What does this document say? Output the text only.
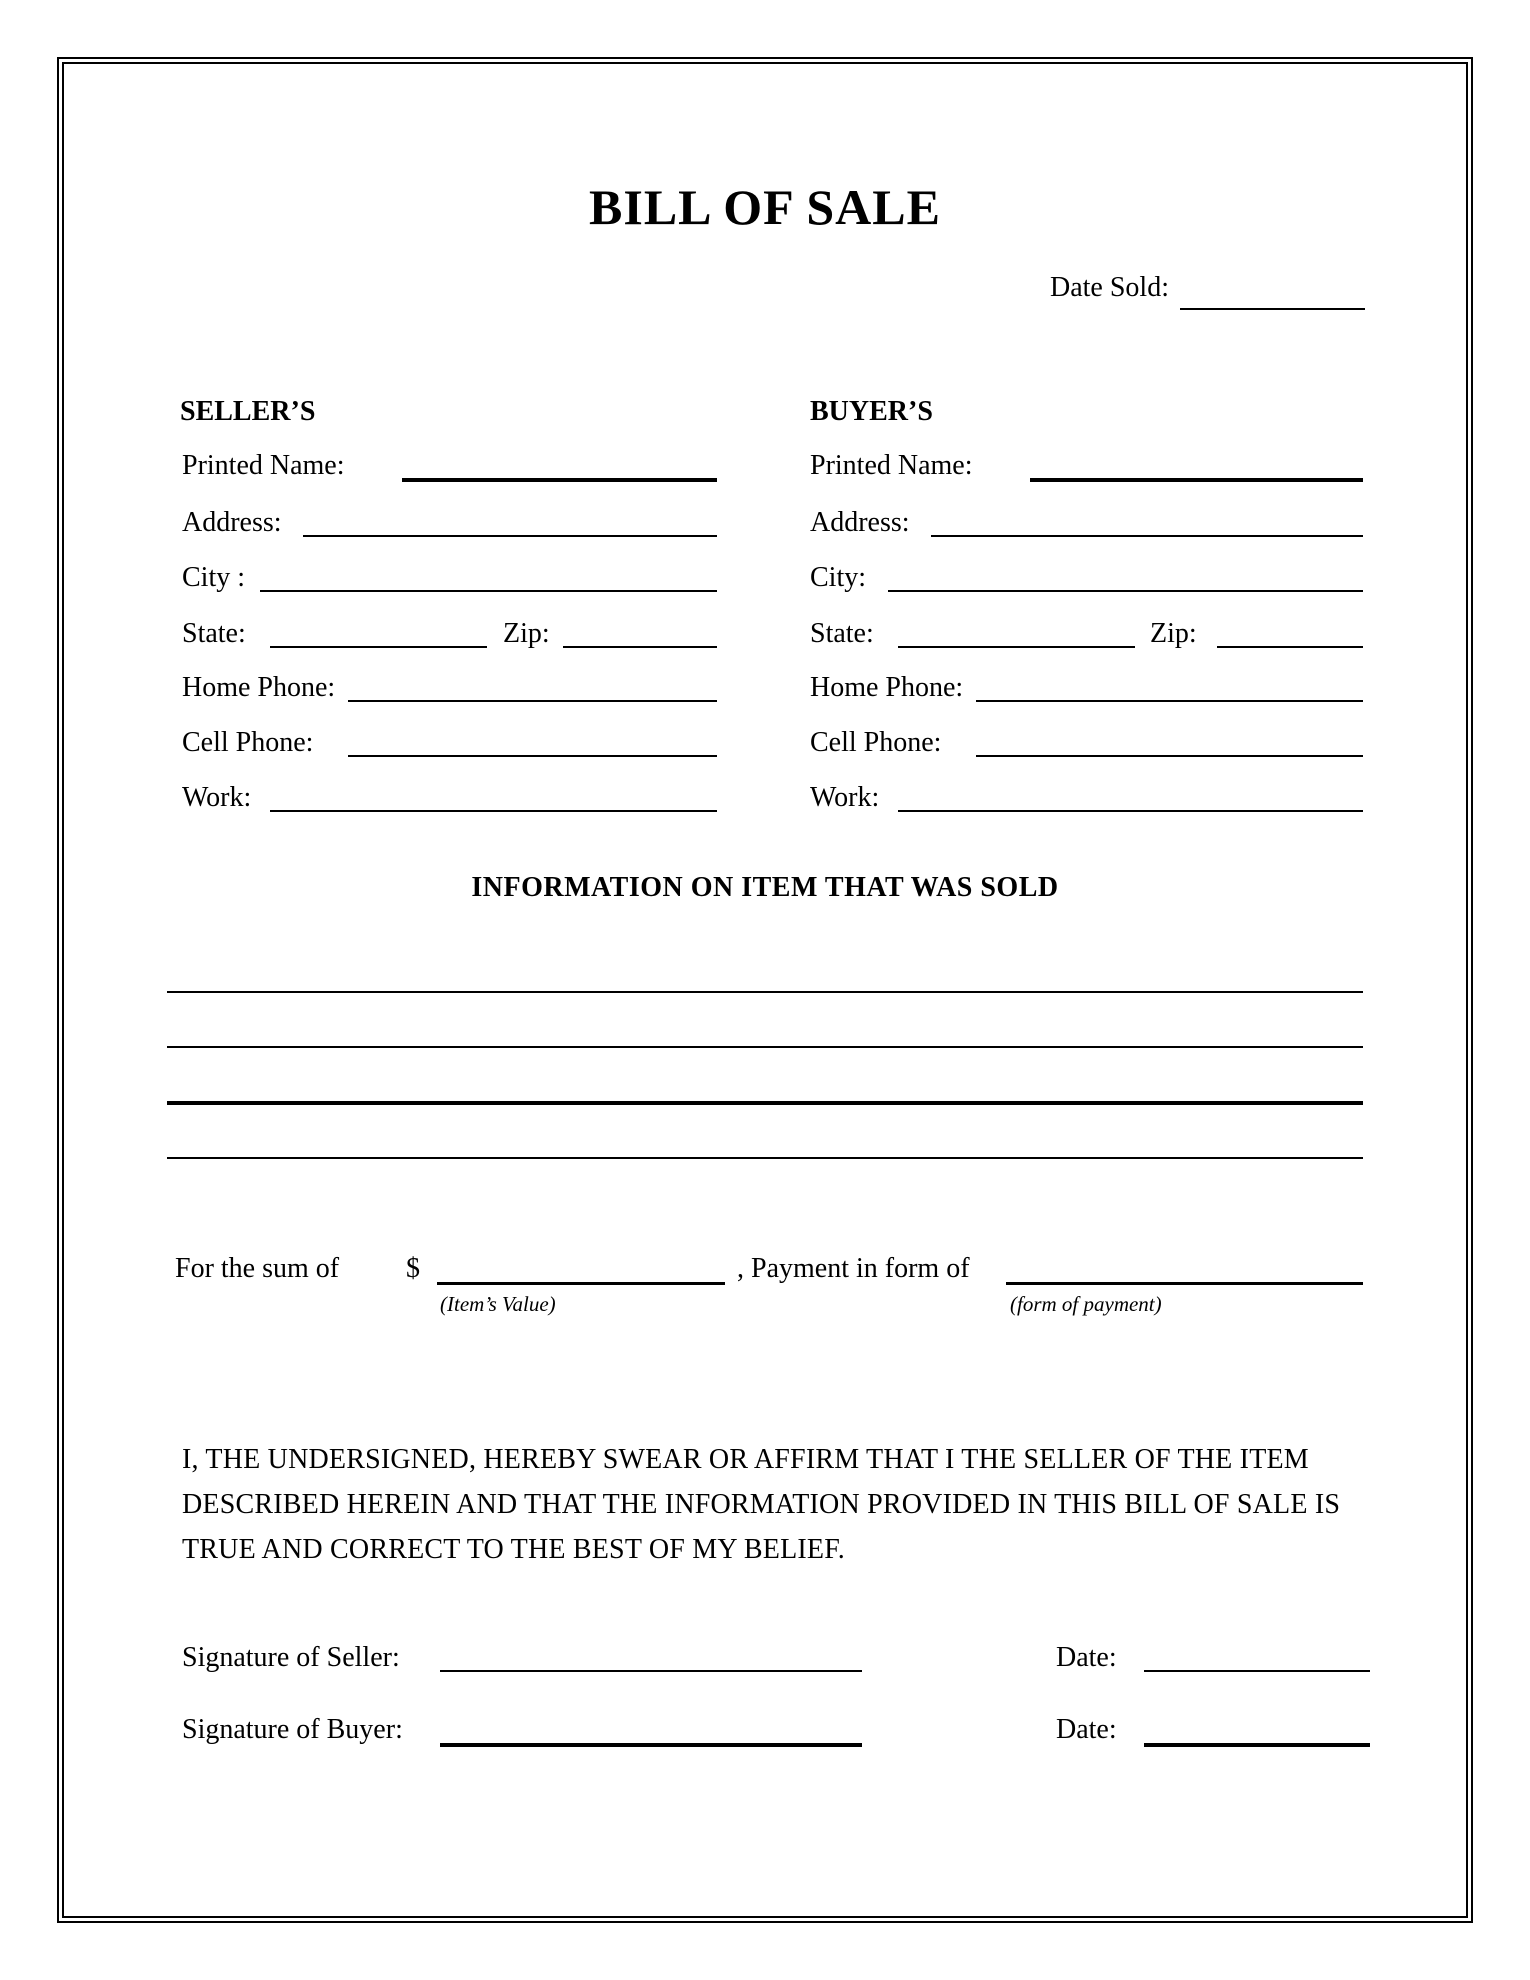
BILL OF SALE
Date Sold:
SELLER’S	BUYER’S
Printed Name:
Address:
City :
State:	Zip:
Home Phone:
Cell Phone:
Work:
Printed Name:
Address:
City:
State:	Zip:
Home Phone:
Cell Phone:
Work:
INFORMATION ON ITEM THAT WAS SOLD
For the sum of $
(Item’s Value)
, Payment in form of
(form of payment)
I, THE UNDERSIGNED, HEREBY SWEAR OR AFFIRM THAT I THE SELLER OF THE ITEM DESCRIBED HEREIN AND THAT THE INFORMATION PROVIDED IN THIS BILL OF SALE IS TRUE AND CORRECT TO THE BEST OF MY BELIEF.
Signature of Seller:	Date:
Signature of Buyer:	Date:
